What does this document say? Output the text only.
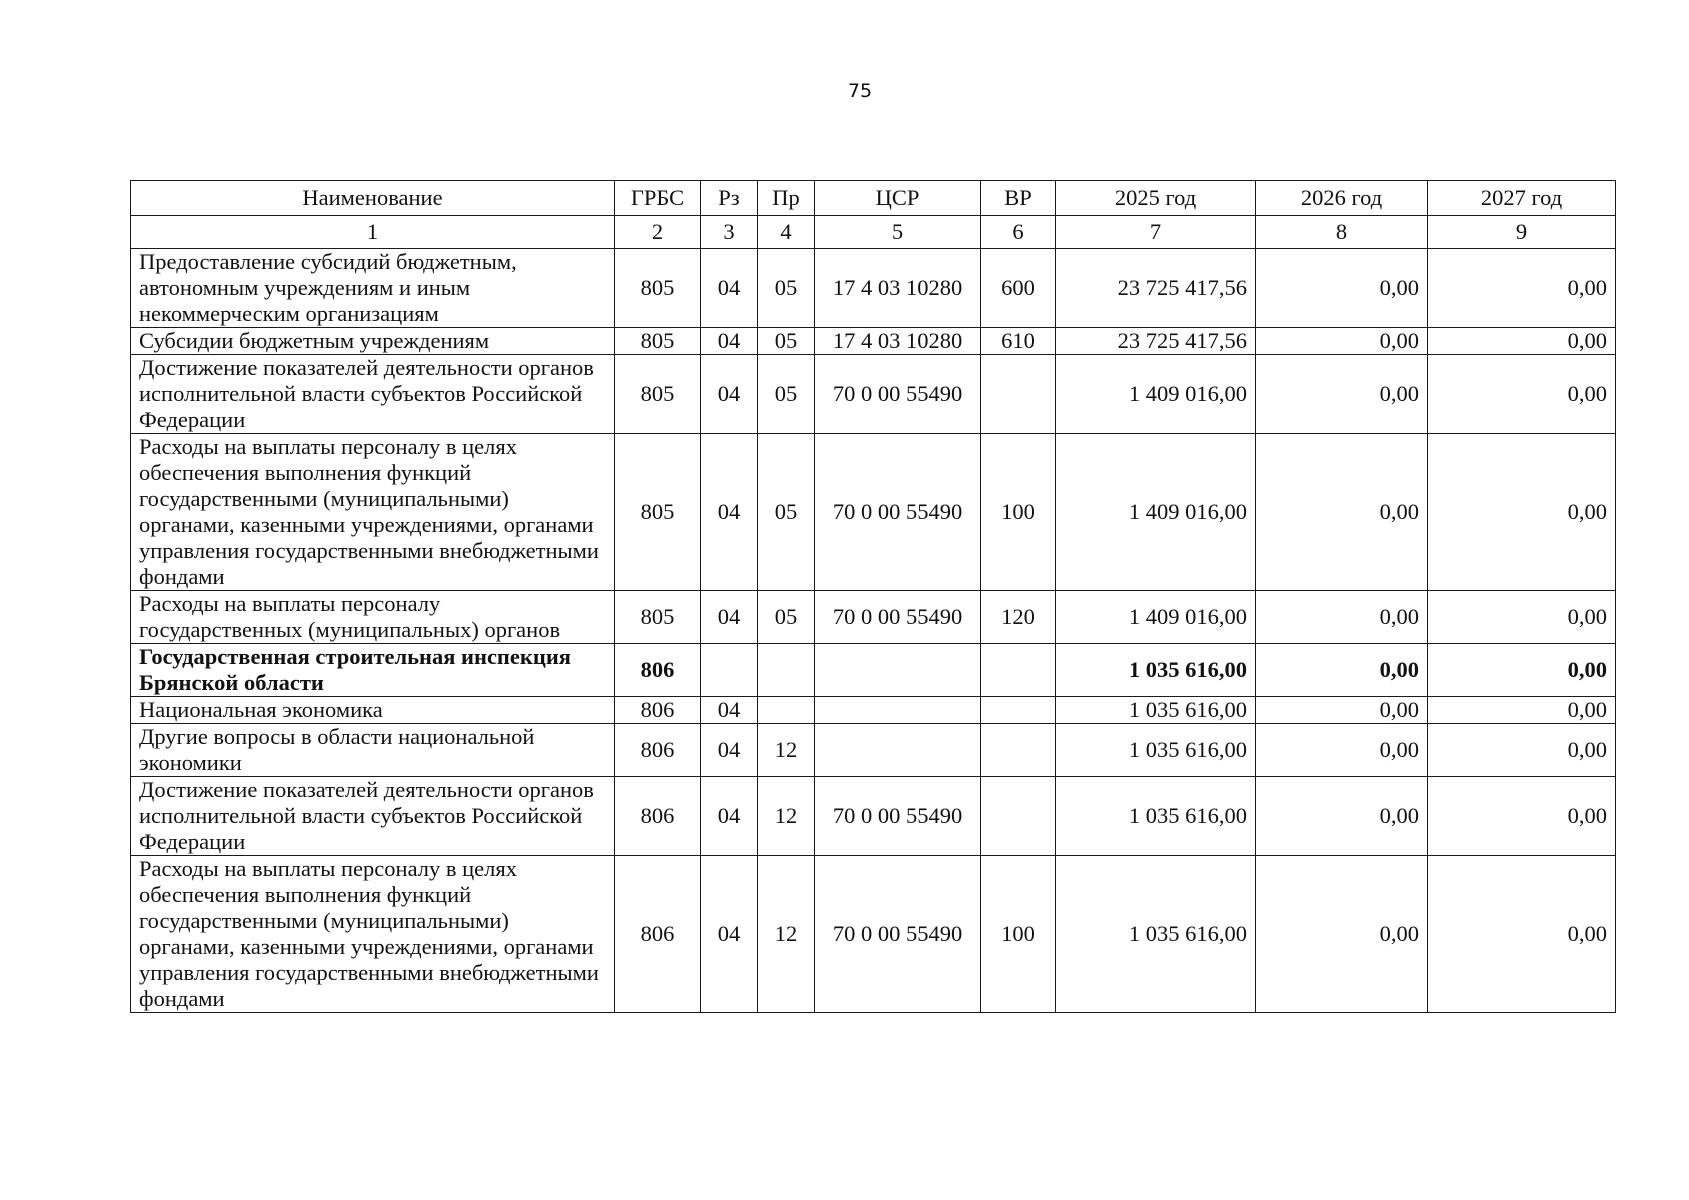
75
Наименование	ГРБС	Рз	Пр	ЦСР	ВР	2025 год	2026 год	2027 год
1	2	3	4	5	6	7	8	9
Предоставление субсидий бюджетным, автономным учреждениям и иным некоммерческим организациям	805	04	05	17 4 03 10280	600	23 725 417,56	0,00	0,00
Субсидии бюджетным учреждениям	805	04	05	17 4 03 10280	610	23 725 417,56	0,00	0,00
Достижение показателей деятельности органов исполнительной власти субъектов Российской Федерации	805	04	05	70 0 00 55490		1 409 016,00	0,00	0,00
Расходы на выплаты персоналу в целях обеспечения выполнения функций государственными (муниципальными) органами, казенными учреждениями, органами управления государственными внебюджетными фондами	805	04	05	70 0 00 55490	100	1 409 016,00	0,00	0,00
Расходы на выплаты персоналу государственных (муниципальных) органов	805	04	05	70 0 00 55490	120	1 409 016,00	0,00	0,00
Государственная строительная инспекция Брянской области	806					1 035 616,00	0,00	0,00
Национальная экономика	806	04				1 035 616,00	0,00	0,00
Другие вопросы в области национальной экономики	806	04	12			1 035 616,00	0,00	0,00
Достижение показателей деятельности органов исполнительной власти субъектов Российской Федерации	806	04	12	70 0 00 55490		1 035 616,00	0,00	0,00
Расходы на выплаты персоналу в целях обеспечения выполнения функций государственными (муниципальными) органами, казенными учреждениями, органами управления государственными внебюджетными фондами	806	04	12	70 0 00 55490	100	1 035 616,00	0,00	0,00
